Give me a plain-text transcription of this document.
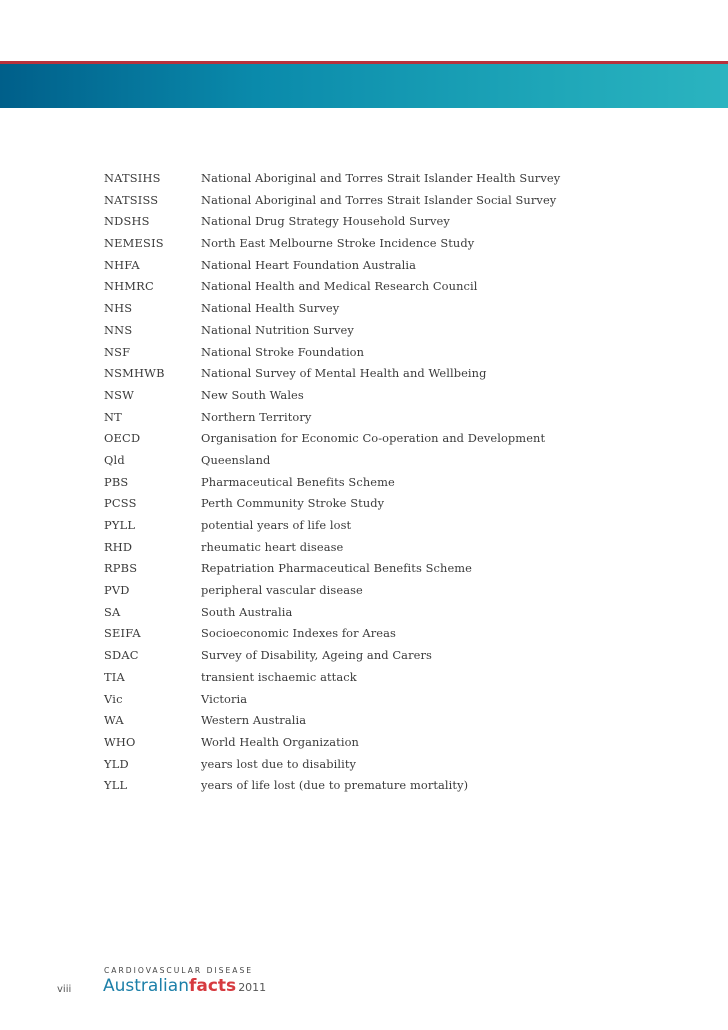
NATSIHS	National Aboriginal and Torres Strait Islander Health Survey
NATSISS	National Aboriginal and Torres Strait Islander Social Survey
NDSHS	National Drug Strategy Household Survey
NEMESIS	North East Melbourne Stroke Incidence Study
NHFA	National Heart Foundation Australia
NHMRC	National Health and Medical Research Council
NHS	National Health Survey
NNS	National Nutrition Survey
NSF	National Stroke Foundation
NSMHWB	National Survey of Mental Health and Wellbeing
NSW	New South Wales
NT	Northern Territory
OECD	Organisation for Economic Co-operation and Development
Qld	Queensland
PBS	Pharmaceutical Benefits Scheme
PCSS	Perth Community Stroke Study
PYLL	potential years of life lost
RHD	rheumatic heart disease
RPBS	Repatriation Pharmaceutical Benefits Scheme
PVD	peripheral vascular disease
SA	South Australia
SEIFA	Socioeconomic Indexes for Areas
SDAC	Survey of Disability, Ageing and Carers
TIA	transient ischaemic attack
Vic	Victoria
WA	Western Australia
WHO	World Health Organization
YLD	years lost due to disability
YLL	years of life lost (due to premature mortality)
CARDIOVASCULAR DISEASE
Australianfacts 2011
viii
